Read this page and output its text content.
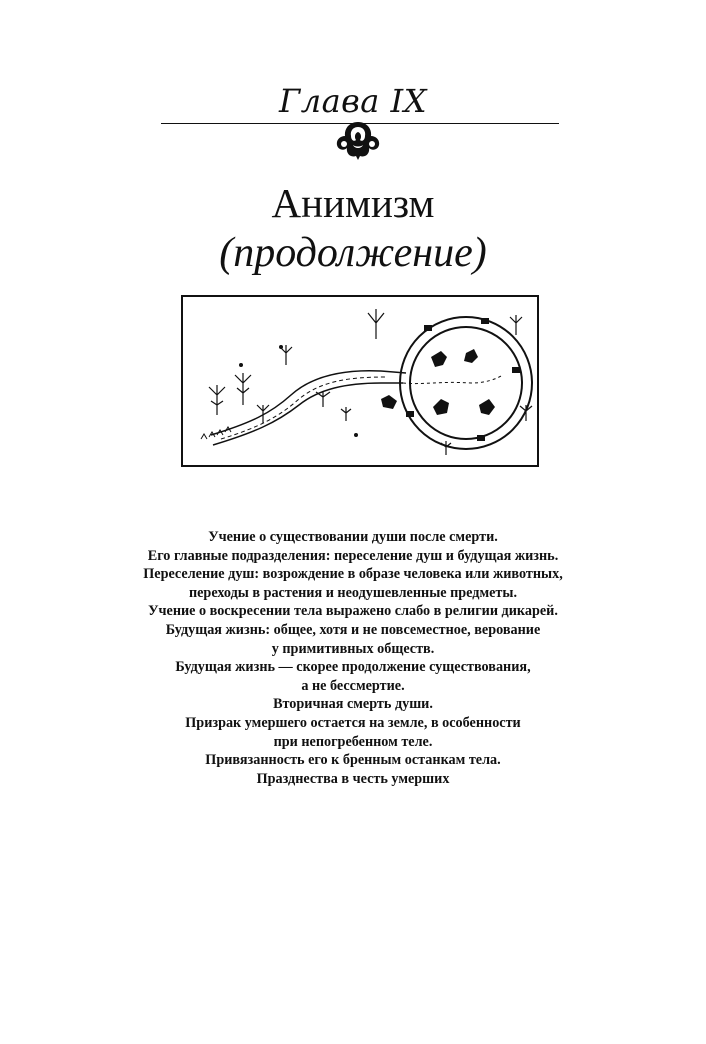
Глава IX
Анимизм
(продолжение)
Учение о существовании души после смерти.
Его главные подразделения: переселение душ и будущая жизнь.
Переселение душ: возрождение в образе человека или животных,
переходы в растения и неодушевленные предметы.
Учение о воскресении тела выражено слабо в религии дикарей.
Будущая жизнь: общее, хотя и не повсеместное, верование
у примитивных обществ.
Будущая жизнь — скорее продолжение существования,
а не бессмертие.
Вторичная смерть души.
Призрак умершего остается на земле, в особенности
при непогребенном теле.
Привязанность его к бренным останкам тела.
Празднества в честь умерших
